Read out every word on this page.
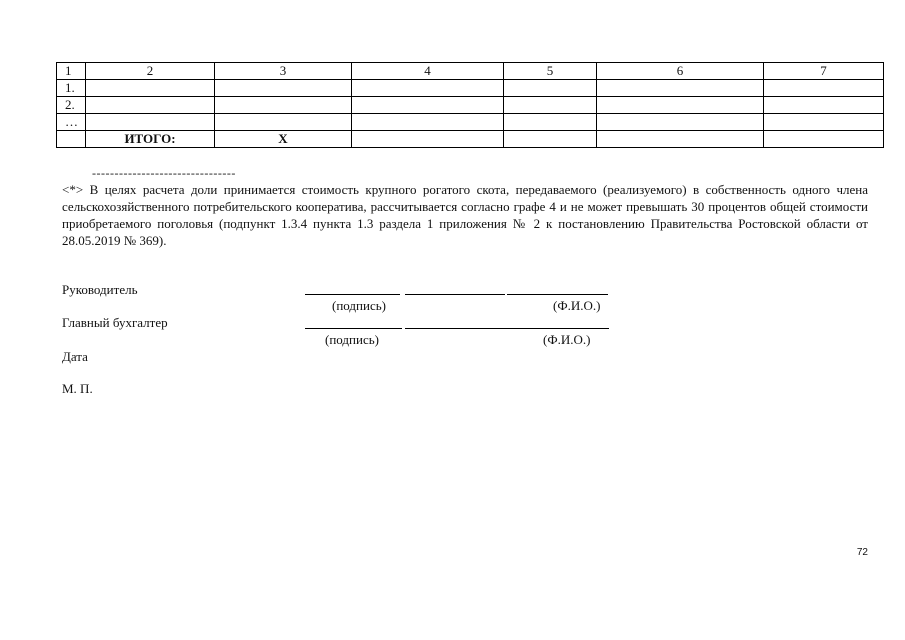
1	2	3	4	5	6	7
1.						
2.						
…						
	ИТОГО:	Х				
--------------------------------
<*> В целях расчета доли принимается стоимость крупного рогатого скота, передаваемого (реализуемого) в собственность одного члена сельскохозяйственного потребительского кооператива, рассчитывается согласно графе 4 и не может превышать 30 процентов общей стоимости приобретаемого поголовья (подпункт 1.3.4 пункта 1.3 раздела 1 приложения № 2 к постановлению Правительства Ростовской области от 28.05.2019 № 369).
Руководитель
(подпись)	(Ф.И.О.)
Главный бухгалтер
(подпись)	(Ф.И.О.)
Дата
М. П.
72
